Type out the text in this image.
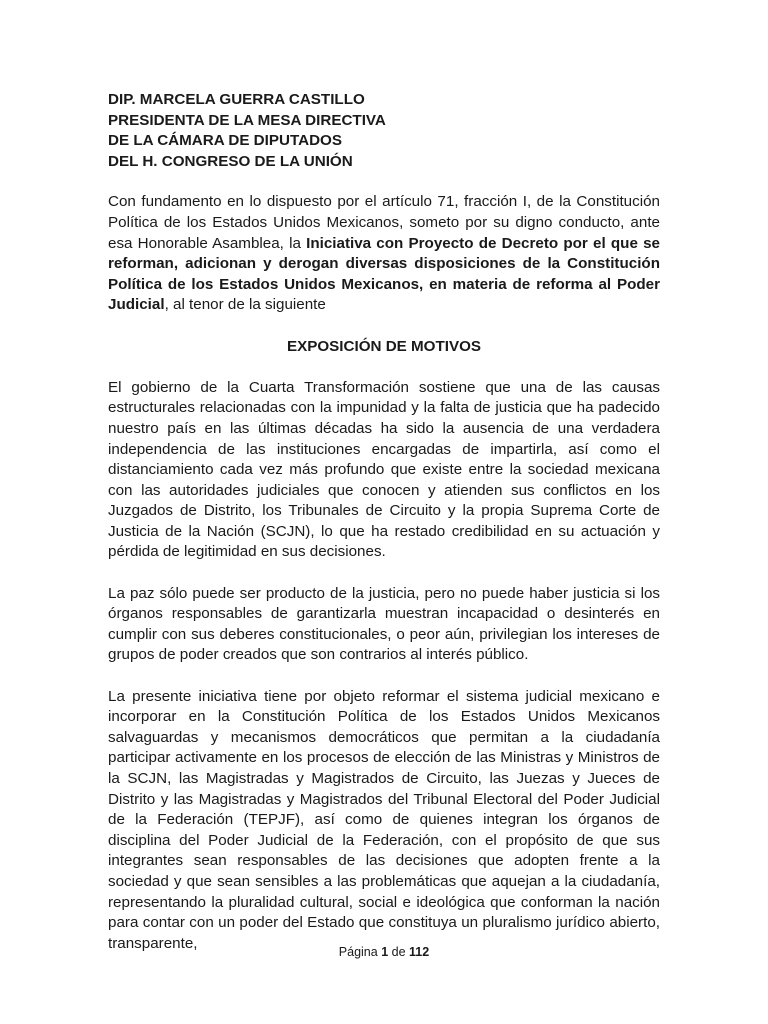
DIP. MARCELA GUERRA CASTILLO
PRESIDENTA DE LA MESA DIRECTIVA
DE LA CÁMARA DE DIPUTADOS
DEL H. CONGRESO DE LA UNIÓN

Con fundamento en lo dispuesto por el artículo 71, fracción I, de la Constitución Política de los Estados Unidos Mexicanos, someto por su digno conducto, ante esa Honorable Asamblea, la Iniciativa con Proyecto de Decreto por el que se reforman, adicionan y derogan diversas disposiciones de la Constitución Política de los Estados Unidos Mexicanos, en materia de reforma al Poder Judicial, al tenor de la siguiente

EXPOSICIÓN DE MOTIVOS

El gobierno de la Cuarta Transformación sostiene que una de las causas estructurales relacionadas con la impunidad y la falta de justicia que ha padecido nuestro país en las últimas décadas ha sido la ausencia de una verdadera independencia de las instituciones encargadas de impartirla, así como el distanciamiento cada vez más profundo que existe entre la sociedad mexicana con las autoridades judiciales que conocen y atienden sus conflictos en los Juzgados de Distrito, los Tribunales de Circuito y la propia Suprema Corte de Justicia de la Nación (SCJN), lo que ha restado credibilidad en su actuación y pérdida de legitimidad en sus decisiones.

La paz sólo puede ser producto de la justicia, pero no puede haber justicia si los órganos responsables de garantizarla muestran incapacidad o desinterés en cumplir con sus deberes constitucionales, o peor aún, privilegian los intereses de grupos de poder creados que son contrarios al interés público.

La presente iniciativa tiene por objeto reformar el sistema judicial mexicano e incorporar en la Constitución Política de los Estados Unidos Mexicanos salvaguardas y mecanismos democráticos que permitan a la ciudadanía participar activamente en los procesos de elección de las Ministras y Ministros de la SCJN, las Magistradas y Magistrados de Circuito, las Juezas y Jueces de Distrito y las Magistradas y Magistrados del Tribunal Electoral del Poder Judicial de la Federación (TEPJF), así como de quienes integran los órganos de disciplina del Poder Judicial de la Federación, con el propósito de que sus integrantes sean responsables de las decisiones que adopten frente a la sociedad y que sean sensibles a las problemáticas que aquejan a la ciudadanía, representando la pluralidad cultural, social e ideológica que conforman la nación para contar con un poder del Estado que constituya un pluralismo jurídico abierto, transparente,

Página 1 de 112
